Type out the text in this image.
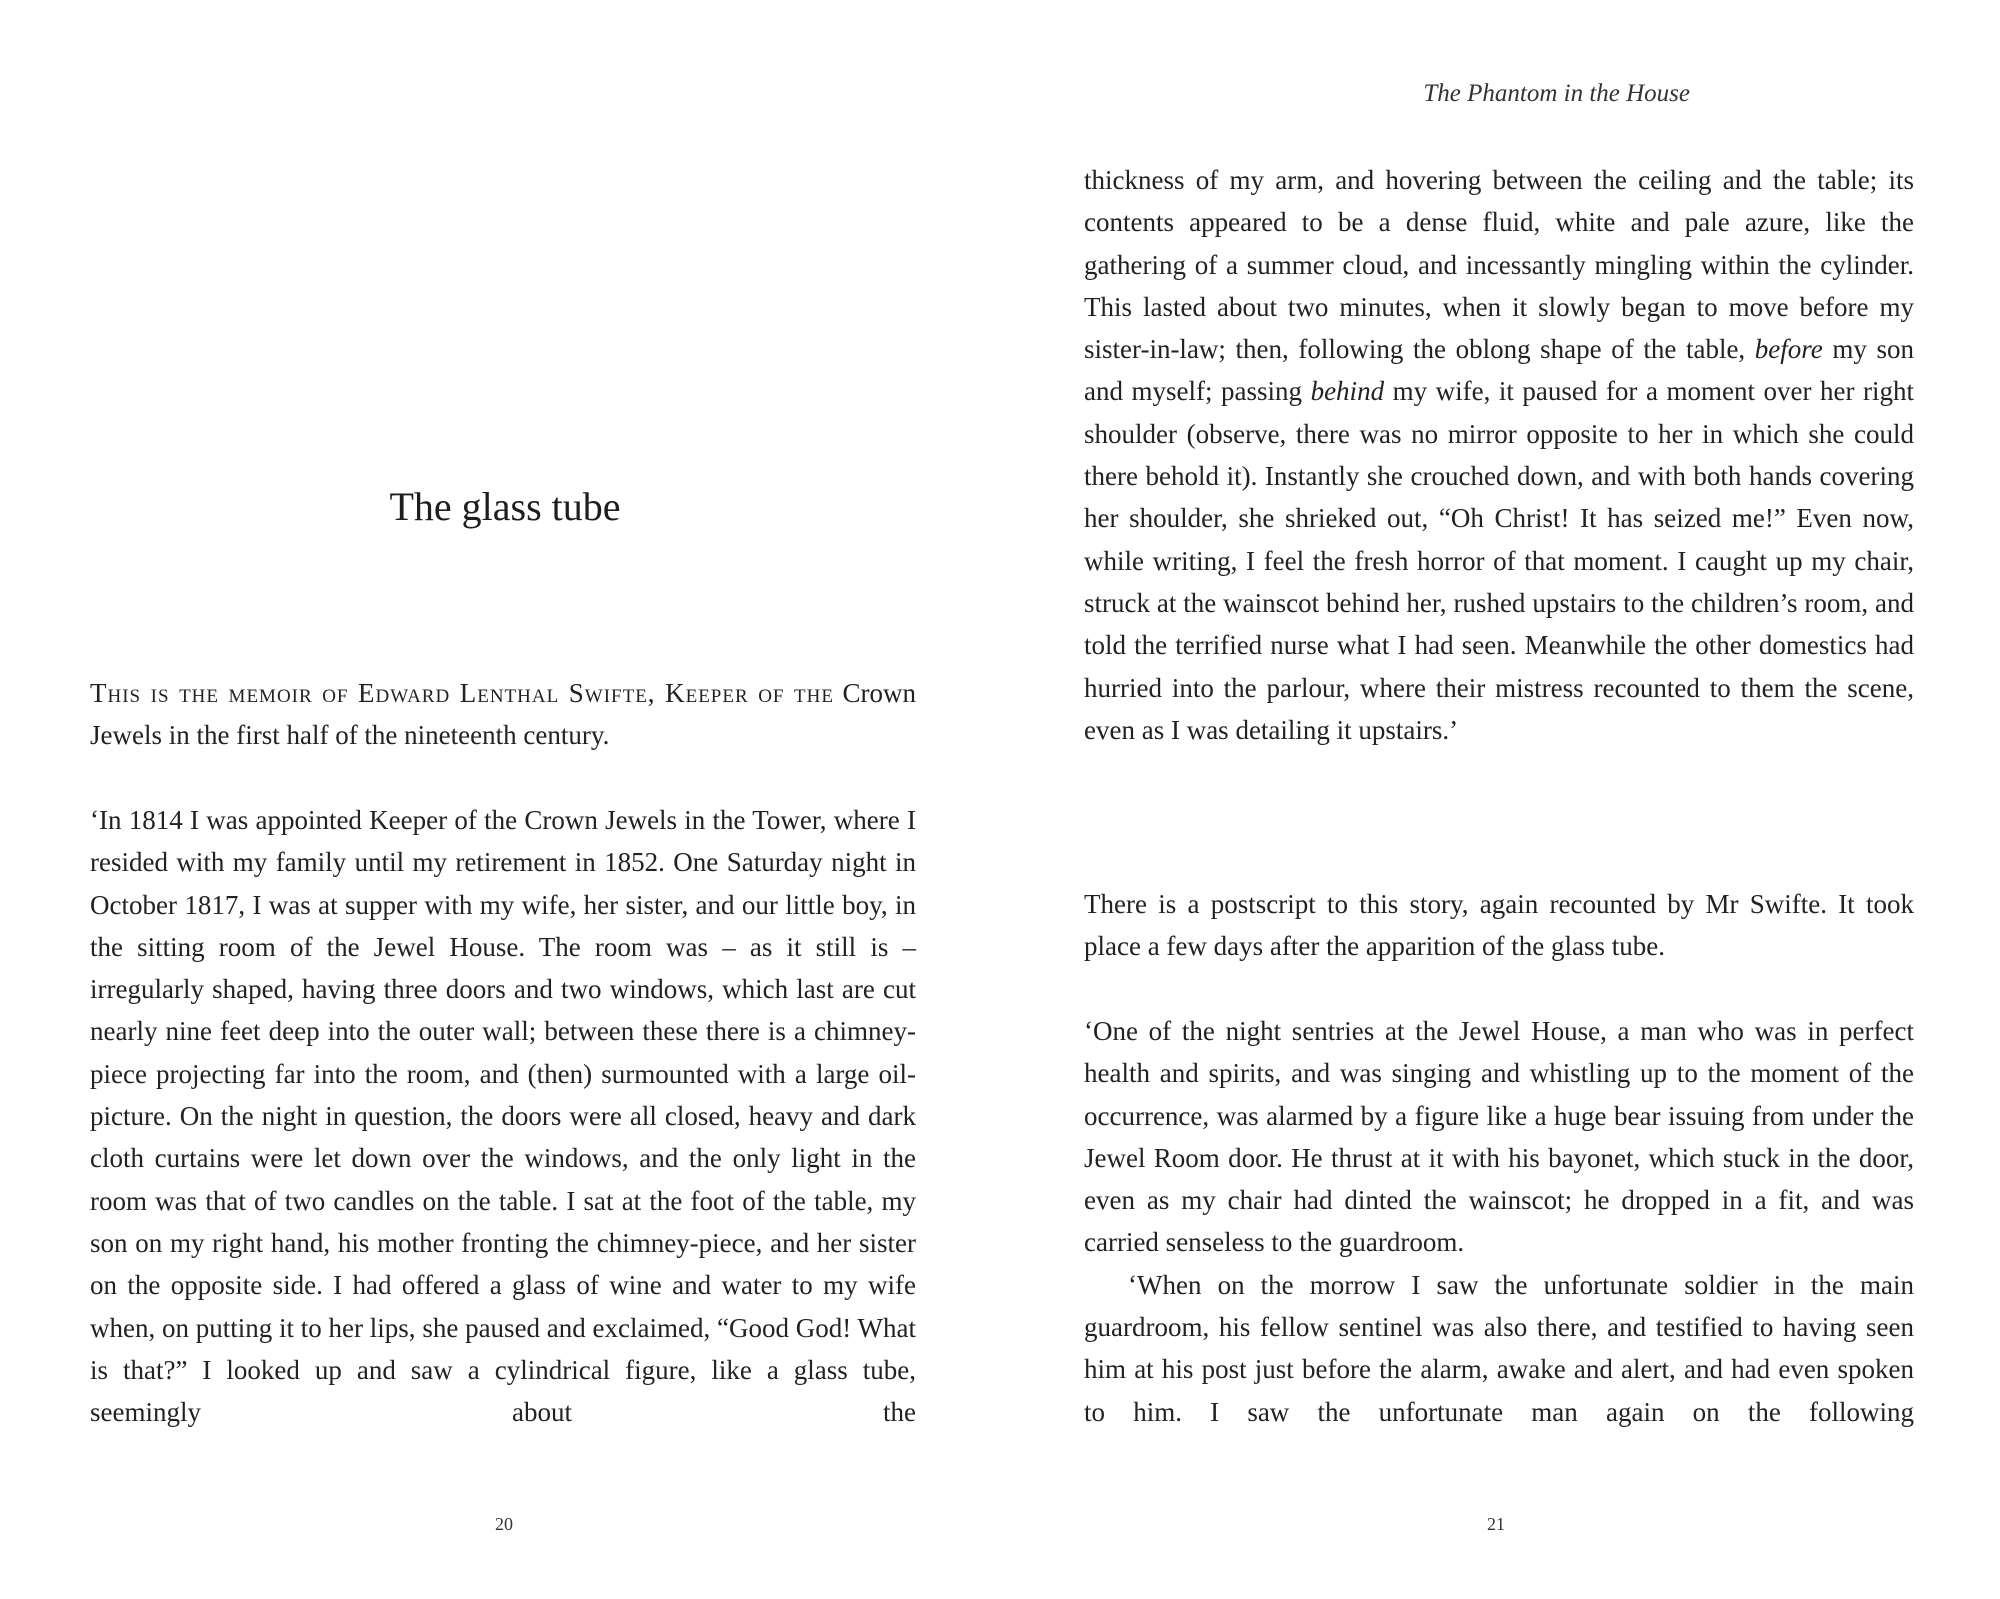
The Phantom in the House
The glass tube

This is the memoir of Edward Lenthal Swifte, Keeper of the Crown Jewels in the first half of the nineteenth century.

‘In 1814 I was appointed Keeper of the Crown Jewels in the Tower, where I resided with my family until my retirement in 1852. One Saturday night in October 1817, I was at supper with my wife, her sister, and our little boy, in the sitting room of the Jewel House. The room was – as it still is – irregularly shaped, having three doors and two windows, which last are cut nearly nine feet deep into the outer wall; between these there is a chimney-piece projecting far into the room, and (then) surmounted with a large oil-picture. On the night in question, the doors were all closed, heavy and dark cloth curtains were let down over the windows, and the only light in the room was that of two candles on the table. I sat at the foot of the table, my son on my right hand, his mother fronting the chimney-piece, and her sister on the opposite side. I had offered a glass of wine and water to my wife when, on putting it to her lips, she paused and exclaimed, “Good God! What is that?” I looked up and saw a cylindrical figure, like a glass tube, seemingly about the

thickness of my arm, and hovering between the ceiling and the table; its contents appeared to be a dense fluid, white and pale azure, like the gathering of a summer cloud, and incessantly mingling within the cylinder. This lasted about two minutes, when it slowly began to move before my sister-in-law; then, following the oblong shape of the table, before my son and myself; passing behind my wife, it paused for a moment over her right shoulder (observe, there was no mirror opposite to her in which she could there behold it). Instantly she crouched down, and with both hands covering her shoulder, she shrieked out, “Oh Christ! It has seized me!” Even now, while writing, I feel the fresh horror of that moment. I caught up my chair, struck at the wainscot behind her, rushed upstairs to the children’s room, and told the terrified nurse what I had seen. Meanwhile the other domestics had hurried into the parlour, where their mistress recounted to them the scene, even as I was detailing it upstairs.’

There is a postscript to this story, again recounted by Mr Swifte. It took place a few days after the apparition of the glass tube.

‘One of the night sentries at the Jewel House, a man who was in perfect health and spirits, and was singing and whistling up to the moment of the occurrence, was alarmed by a figure like a huge bear issuing from under the Jewel Room door. He thrust at it with his bayonet, which stuck in the door, even as my chair had dinted the wainscot; he dropped in a fit, and was carried senseless to the guardroom.

‘When on the morrow I saw the unfortunate soldier in the main guardroom, his fellow sentinel was also there, and testified to having seen him at his post just before the alarm, awake and alert, and had even spoken to him. I saw the unfortunate man again on the following

20	21
